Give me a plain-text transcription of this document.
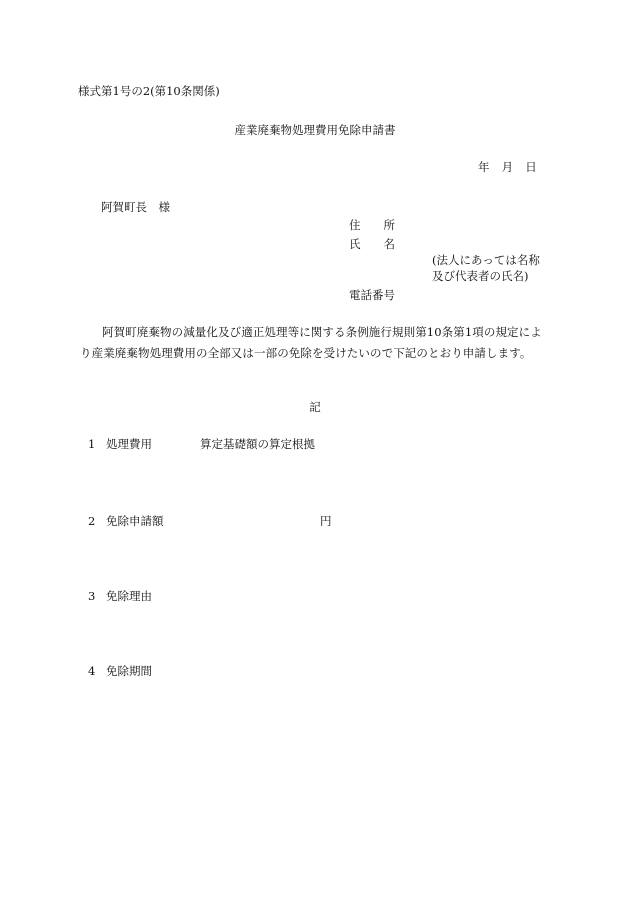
様式第1号の2(第10条関係)
産業廃棄物処理費用免除申請書
年　月　日
阿賀町長　様
住　　所
氏　　名
(法人にあっては名称
及び代表者の氏名)
電話番号
阿賀町廃棄物の減量化及び適正処理等に関する条例施行規則第10条第1項の規定により産業廃棄物処理費用の全部又は一部の免除を受けたいので下記のとおり申請します。
記
1 処理費用	算定基礎額の算定根拠
2 免除申請額	円
3 免除理由
4 免除期間
